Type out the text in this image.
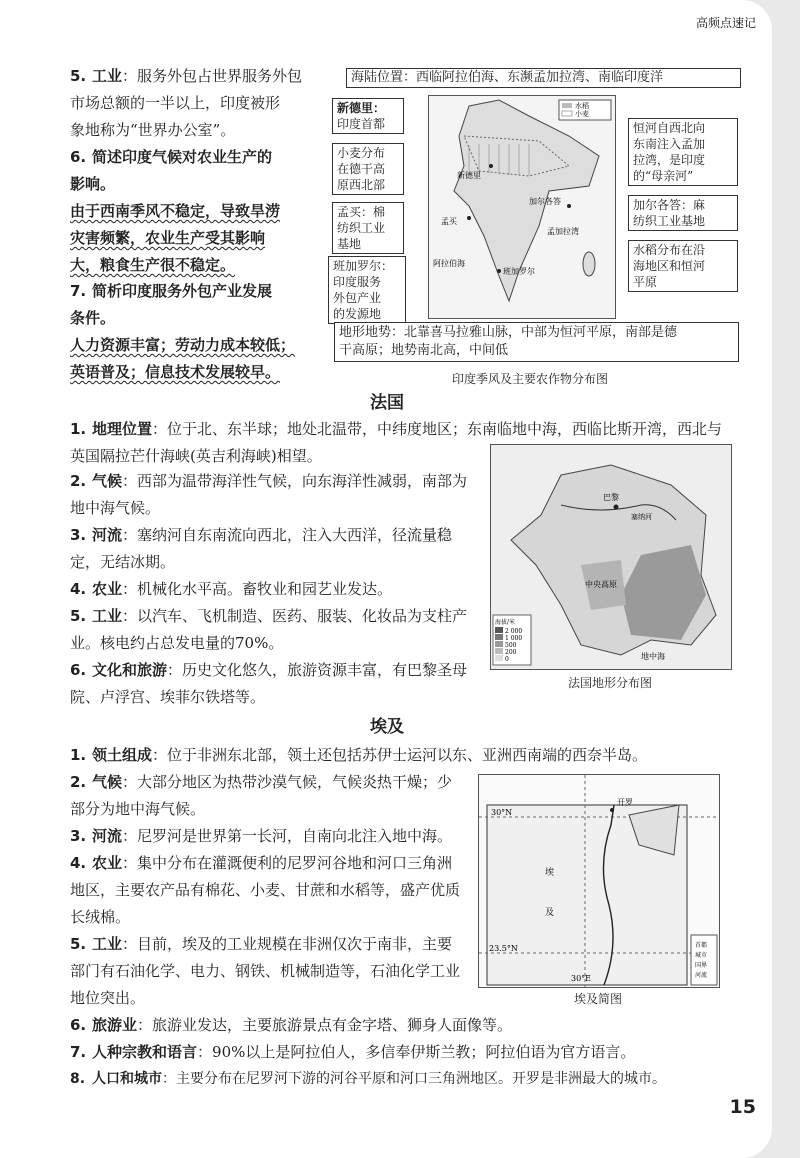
高频点速记
5. 工业：服务外包占世界服务外包
市场总额的一半以上，印度被形
象地称为“世界办公室”。
6. 简述印度气候对农业生产的
影响。
由于西南季风不稳定，导致旱涝
灾害频繁，农业生产受其影响
大，粮食生产很不稳定。
7. 简析印度服务外包产业发展
条件。
人力资源丰富；劳动力成本较低；
英语普及；信息技术发展较早。
水稻
小麦
新德里
加尔各答
孟加拉湾
孟买
班加罗尔
阿拉伯海
海陆位置：西临阿拉伯海、东濒孟加拉湾、南临印度洋
新德里：
印度首都
小麦分布
在德干高
原西北部
孟买：棉
纺织工业
基地
班加罗尔：
印度服务
外包产业
的发源地
恒河自西北向
东南注入孟加
拉湾，是印度
的“母亲河”
加尔各答：麻
纺织工业基地
水稻分布在沿
海地区和恒河
平原
地形地势：北靠喜马拉雅山脉，中部为恒河平原，南部是德
干高原；地势南北高，中间低
印度季风及主要农作物分布图
法国
1. 地理位置：位于北、东半球；地处北温带，中纬度地区；东南临地中海，西临比斯开湾，西北与英国隔拉芒什海峡(英吉利海峡)相望。
2. 气候：西部为温带海洋性气候，向东海洋性减弱，南部为地中海气候。
3. 河流：塞纳河自东南流向西北，注入大西洋，径流量稳定，无结冰期。
4. 农业：机械化水平高。畜牧业和园艺业发达。
5. 工业：以汽车、飞机制造、医药、服装、化妆品为支柱产业。核电约占总发电量的70%。
6. 文化和旅游：历史文化悠久，旅游资源丰富，有巴黎圣母院、卢浮宫、埃菲尔铁塔等。
巴黎
塞纳河
中央高原
地中海
海拔/米
2 000
1 000
500
200
0
法国地形分布图
埃及
1. 领土组成：位于非洲东北部，领土还包括苏伊士运河以东、亚洲西南端的西奈半岛。
2. 气候：大部分地区为热带沙漠气候，气候炎热干燥；少部分为地中海气候。
3. 河流：尼罗河是世界第一长河，自南向北注入地中海。
4. 农业：集中分布在灌溉便利的尼罗河谷地和河口三角洲地区，主要农产品有棉花、小麦、甘蔗和水稻等，盛产优质长绒棉。
5. 工业：目前，埃及的工业规模在非洲仅次于南非，主要部门有石油化学、电力、钢铁、机械制造等，石油化学工业地位突出。
6. 旅游业：旅游业发达，主要旅游景点有金字塔、狮身人面像等。
7. 人种宗教和语言：90%以上是阿拉伯人，多信奉伊斯兰教；阿拉伯语为官方语言。
8. 人口和城市：主要分布在尼罗河下游的河谷平原和河口三角洲地区。开罗是非洲最大的城市。
30°N
23.5°N
30°E
开罗
埃
及
首都
城市
国界
河流
埃及简图
15
